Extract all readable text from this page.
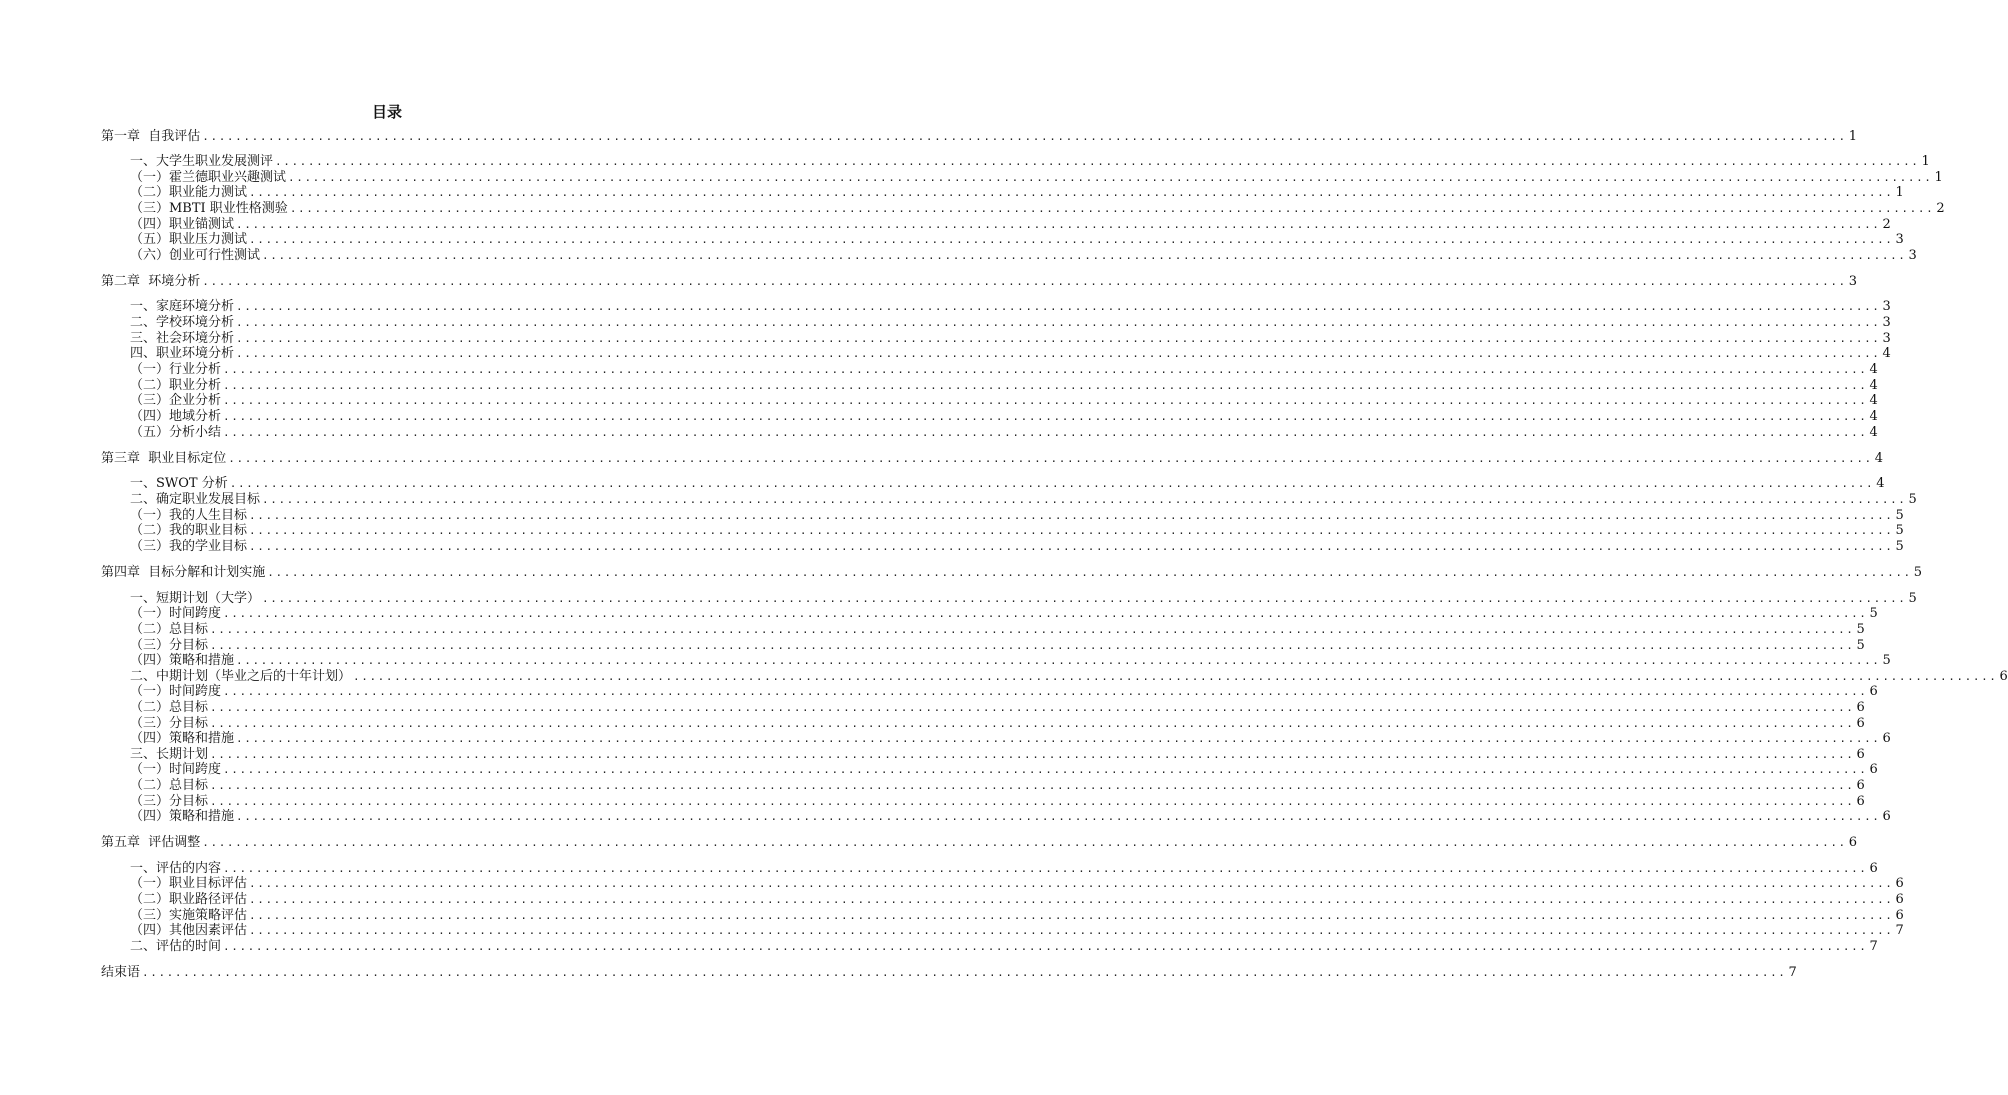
目录
第一章  自我评估 ........................................................................................................................................................................................................ 1
一、大学生职业发展测评 ........................................................................................................................................................................................................ 1
（一）霍兰德职业兴趣测试 ........................................................................................................................................................................................................ 1
（二）职业能力测试 ........................................................................................................................................................................................................ 1
（三）MBTI 职业性格测验 ........................................................................................................................................................................................................ 2
（四）职业锚测试 ........................................................................................................................................................................................................ 2
（五）职业压力测试 ........................................................................................................................................................................................................ 3
（六）创业可行性测试 ........................................................................................................................................................................................................ 3
第二章  环境分析 ........................................................................................................................................................................................................ 3
一、家庭环境分析 ........................................................................................................................................................................................................ 3
二、学校环境分析 ........................................................................................................................................................................................................ 3
三、社会环境分析 ........................................................................................................................................................................................................ 3
四、职业环境分析 ........................................................................................................................................................................................................ 4
（一）行业分析 ........................................................................................................................................................................................................ 4
（二）职业分析 ........................................................................................................................................................................................................ 4
（三）企业分析 ........................................................................................................................................................................................................ 4
（四）地域分析 ........................................................................................................................................................................................................ 4
（五）分析小结 ........................................................................................................................................................................................................ 4
第三章  职业目标定位 ........................................................................................................................................................................................................ 4
一、SWOT 分析 ........................................................................................................................................................................................................ 4
二、确定职业发展目标 ........................................................................................................................................................................................................ 5
（一）我的人生目标 ........................................................................................................................................................................................................ 5
（二）我的职业目标 ........................................................................................................................................................................................................ 5
（三）我的学业目标 ........................................................................................................................................................................................................ 5
第四章  目标分解和计划实施 ........................................................................................................................................................................................................ 5
一、短期计划（大学） ........................................................................................................................................................................................................ 5
（一）时间跨度 ........................................................................................................................................................................................................ 5
（二）总目标 ........................................................................................................................................................................................................ 5
（三）分目标 ........................................................................................................................................................................................................ 5
（四）策略和措施 ........................................................................................................................................................................................................ 5
二、中期计划（毕业之后的十年计划） ........................................................................................................................................................................................................ 6
（一）时间跨度 ........................................................................................................................................................................................................ 6
（二）总目标 ........................................................................................................................................................................................................ 6
（三）分目标 ........................................................................................................................................................................................................ 6
（四）策略和措施 ........................................................................................................................................................................................................ 6
三、长期计划 ........................................................................................................................................................................................................ 6
（一）时间跨度 ........................................................................................................................................................................................................ 6
（二）总目标 ........................................................................................................................................................................................................ 6
（三）分目标 ........................................................................................................................................................................................................ 6
（四）策略和措施 ........................................................................................................................................................................................................ 6
第五章  评估调整 ........................................................................................................................................................................................................ 6
一、评估的内容 ........................................................................................................................................................................................................ 6
（一）职业目标评估 ........................................................................................................................................................................................................ 6
（二）职业路径评估 ........................................................................................................................................................................................................ 6
（三）实施策略评估 ........................................................................................................................................................................................................ 6
（四）其他因素评估 ........................................................................................................................................................................................................ 7
二、评估的时间 ........................................................................................................................................................................................................ 7
结束语 ........................................................................................................................................................................................................ 7
